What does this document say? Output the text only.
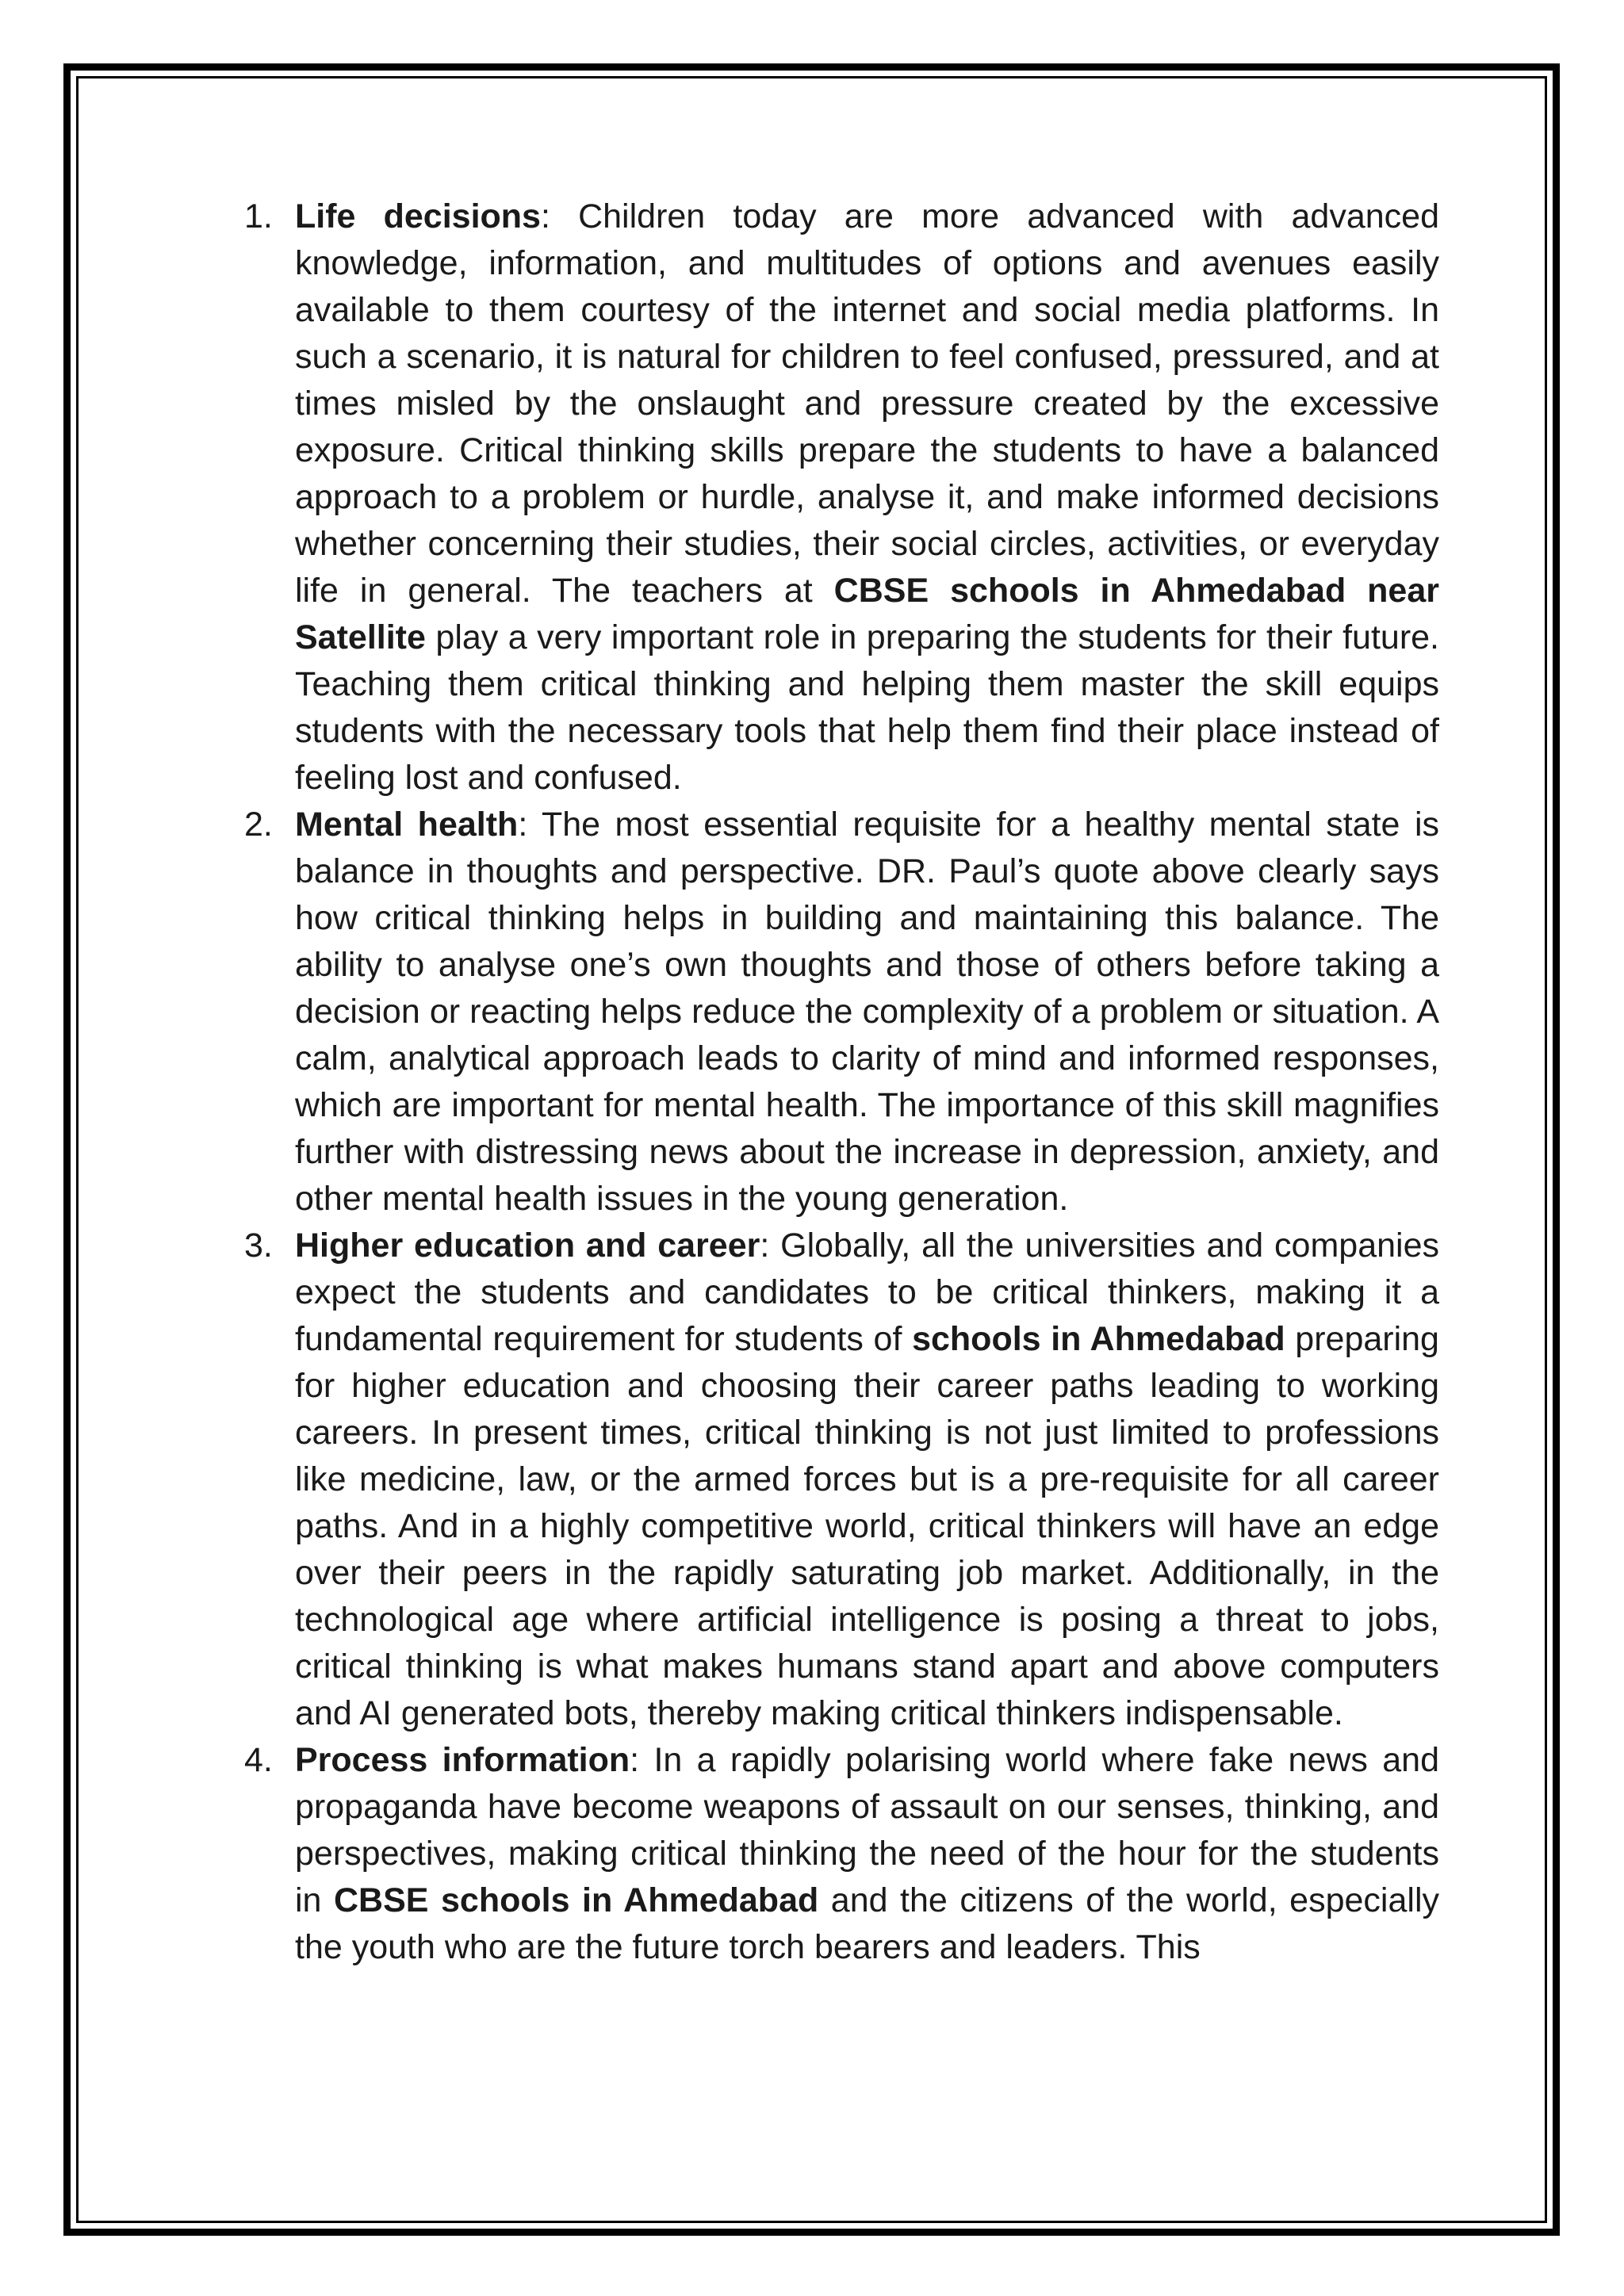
1. Life decisions: Children today are more advanced with advanced knowledge, information, and multitudes of options and avenues easily available to them courtesy of the internet and social media platforms. In such a scenario, it is natural for children to feel confused, pressured, and at times misled by the onslaught and pressure created by the excessive exposure. Critical thinking skills prepare the students to have a balanced approach to a problem or hurdle, analyse it, and make informed decisions whether concerning their studies, their social circles, activities, or everyday life in general. The teachers at CBSE schools in Ahmedabad near Satellite play a very important role in preparing the students for their future. Teaching them critical thinking and helping them master the skill equips students with the necessary tools that help them find their place instead of feeling lost and confused.
2. Mental health: The most essential requisite for a healthy mental state is balance in thoughts and perspective. DR. Paul’s quote above clearly says how critical thinking helps in building and maintaining this balance. The ability to analyse one’s own thoughts and those of others before taking a decision or reacting helps reduce the complexity of a problem or situation. A calm, analytical approach leads to clarity of mind and informed responses, which are important for mental health. The importance of this skill magnifies further with distressing news about the increase in depression, anxiety, and other mental health issues in the young generation.
3. Higher education and career: Globally, all the universities and companies expect the students and candidates to be critical thinkers, making it a fundamental requirement for students of schools in Ahmedabad preparing for higher education and choosing their career paths leading to working careers. In present times, critical thinking is not just limited to professions like medicine, law, or the armed forces but is a pre-requisite for all career paths. And in a highly competitive world, critical thinkers will have an edge over their peers in the rapidly saturating job market. Additionally, in the technological age where artificial intelligence is posing a threat to jobs, critical thinking is what makes humans stand apart and above computers and AI generated bots, thereby making critical thinkers indispensable.
4. Process information: In a rapidly polarising world where fake news and propaganda have become weapons of assault on our senses, thinking, and perspectives, making critical thinking the need of the hour for the students in CBSE schools in Ahmedabad and the citizens of the world, especially the youth who are the future torch bearers and leaders. This
